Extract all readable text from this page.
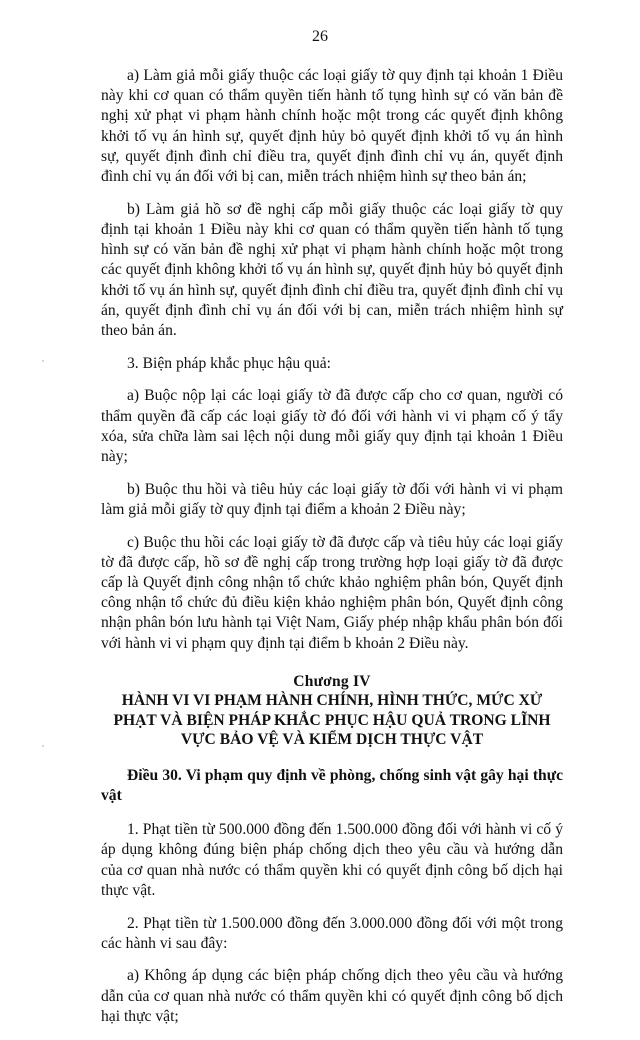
26

a) Làm giả mỗi giấy thuộc các loại giấy tờ quy định tại khoản 1 Điều này khi cơ quan có thẩm quyền tiến hành tố tụng hình sự có văn bản đề nghị xử phạt vi phạm hành chính hoặc một trong các quyết định không khởi tố vụ án hình sự, quyết định hủy bỏ quyết định khởi tố vụ án hình sự, quyết định đình chỉ điều tra, quyết định đình chỉ vụ án, quyết định đình chỉ vụ án đối với bị can, miễn trách nhiệm hình sự theo bản án;

b) Làm giả hồ sơ đề nghị cấp mỗi giấy thuộc các loại giấy tờ quy định tại khoản 1 Điều này khi cơ quan có thẩm quyền tiến hành tố tụng hình sự có văn bản đề nghị xử phạt vi phạm hành chính hoặc một trong các quyết định không khởi tố vụ án hình sự, quyết định hủy bỏ quyết định khởi tố vụ án hình sự, quyết định đình chỉ điều tra, quyết định đình chỉ vụ án, quyết định đình chỉ vụ án đối với bị can, miễn trách nhiệm hình sự theo bản án.

3. Biện pháp khắc phục hậu quả:

a) Buộc nộp lại các loại giấy tờ đã được cấp cho cơ quan, người có thẩm quyền đã cấp các loại giấy tờ đó đối với hành vi vi phạm cố ý tẩy xóa, sửa chữa làm sai lệch nội dung mỗi giấy quy định tại khoản 1 Điều này;

b) Buộc thu hồi và tiêu hủy các loại giấy tờ đối với hành vi vi phạm làm giả mỗi giấy tờ quy định tại điểm a khoản 2 Điều này;

c) Buộc thu hồi các loại giấy tờ đã được cấp và tiêu hủy các loại giấy tờ đã được cấp, hồ sơ đề nghị cấp trong trường hợp loại giấy tờ đã được cấp là Quyết định công nhận tổ chức khảo nghiệm phân bón, Quyết định công nhận tổ chức đủ điều kiện khảo nghiệm phân bón, Quyết định công nhận phân bón lưu hành tại Việt Nam, Giấy phép nhập khẩu phân bón đối với hành vi vi phạm quy định tại điểm b khoản 2 Điều này.

Chương IV
HÀNH VI VI PHẠM HÀNH CHÍNH, HÌNH THỨC, MỨC XỬ PHẠT VÀ BIỆN PHÁP KHẮC PHỤC HẬU QUẢ TRONG LĨNH VỰC BẢO VỆ VÀ KIỂM DỊCH THỰC VẬT

Điều 30. Vi phạm quy định về phòng, chống sinh vật gây hại thực vật

1. Phạt tiền từ 500.000 đồng đến 1.500.000 đồng đối với hành vi cố ý áp dụng không đúng biện pháp chống dịch theo yêu cầu và hướng dẫn của cơ quan nhà nước có thẩm quyền khi có quyết định công bố dịch hại thực vật.

2. Phạt tiền từ 1.500.000 đồng đến 3.000.000 đồng đối với một trong các hành vi sau đây:

a) Không áp dụng các biện pháp chống dịch theo yêu cầu và hướng dẫn của cơ quan nhà nước có thẩm quyền khi có quyết định công bố dịch hại thực vật;
